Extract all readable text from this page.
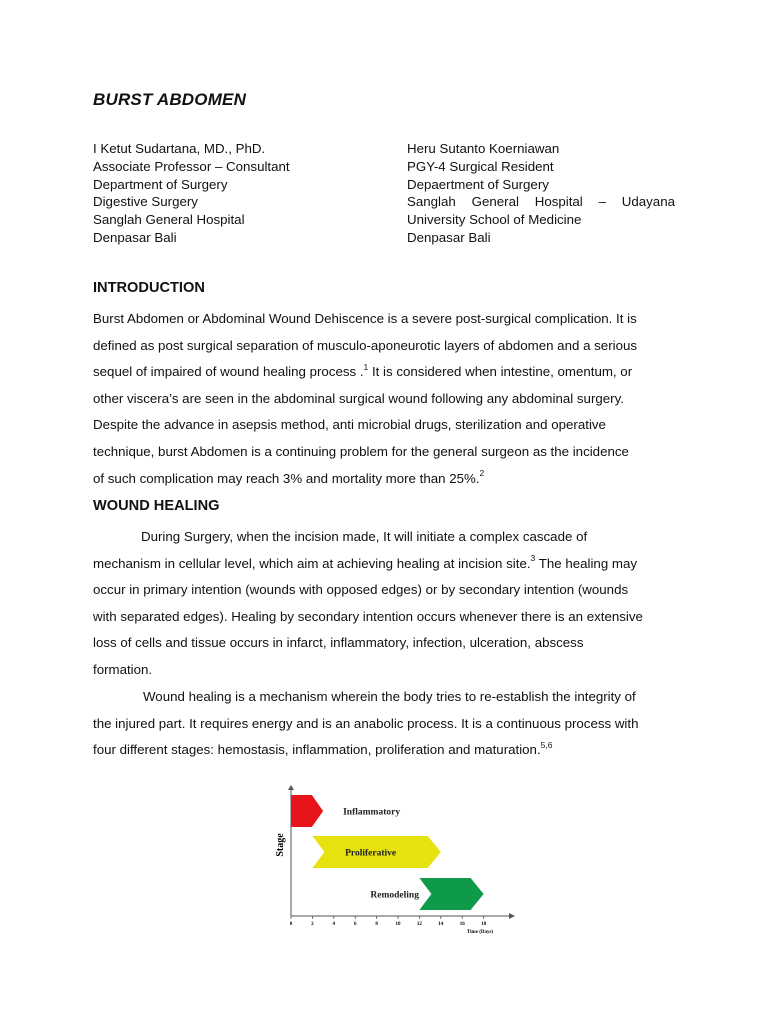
BURST ABDOMEN
I Ketut Sudartana, MD., PhD.
Associate Professor – Consultant
Department of Surgery
Digestive Surgery
Sanglah General Hospital
Denpasar Bali
Heru Sutanto Koerniawan
PGY-4 Surgical Resident
Depaertment of Surgery
Sanglah General Hospital – Udayana
University School of Medicine
Denpasar Bali
INTRODUCTION
Burst Abdomen or Abdominal Wound Dehiscence is a severe post-surgical complication. It is
defined as post surgical separation of musculo-aponeurotic layers of abdomen and a serious
sequel of impaired of wound healing process .$^1$ It is considered when intestine, omentum, or
other viscera’s are seen in the abdominal surgical wound following any abdominal surgery.
Despite the advance in asepsis method, anti microbial drugs, sterilization and operative
technique, burst Abdomen is a continuing problem for the general surgeon as the incidence
of such complication may reach 3% and mortality more than 25%.$^2$
WOUND HEALING
During Surgery, when the incision made, It will initiate a complex cascade of
mechanism in cellular level, which aim at achieving healing at incision site.$^3$ The healing may
occur in primary intention (wounds with opposed edges) or by secondary intention (wounds
with separated edges). Healing by secondary intention occurs whenever there is an extensive
loss of cells and tissue occurs in infarct, inflammatory, infection, ulceration, abscess
formation.
Wound healing is a mechanism wherein the body tries to re-establish the integrity of
the injured part. It requires energy and is an anabolic process. It is a continuous process with
four different stages: hemostasis, inflammation, proliferation and maturation.$^{5,6}$
Stage
0	2	4	6	8	10	12	14	16	18
Inflammatory
Proliferative
Remodeling
Time (Days)
